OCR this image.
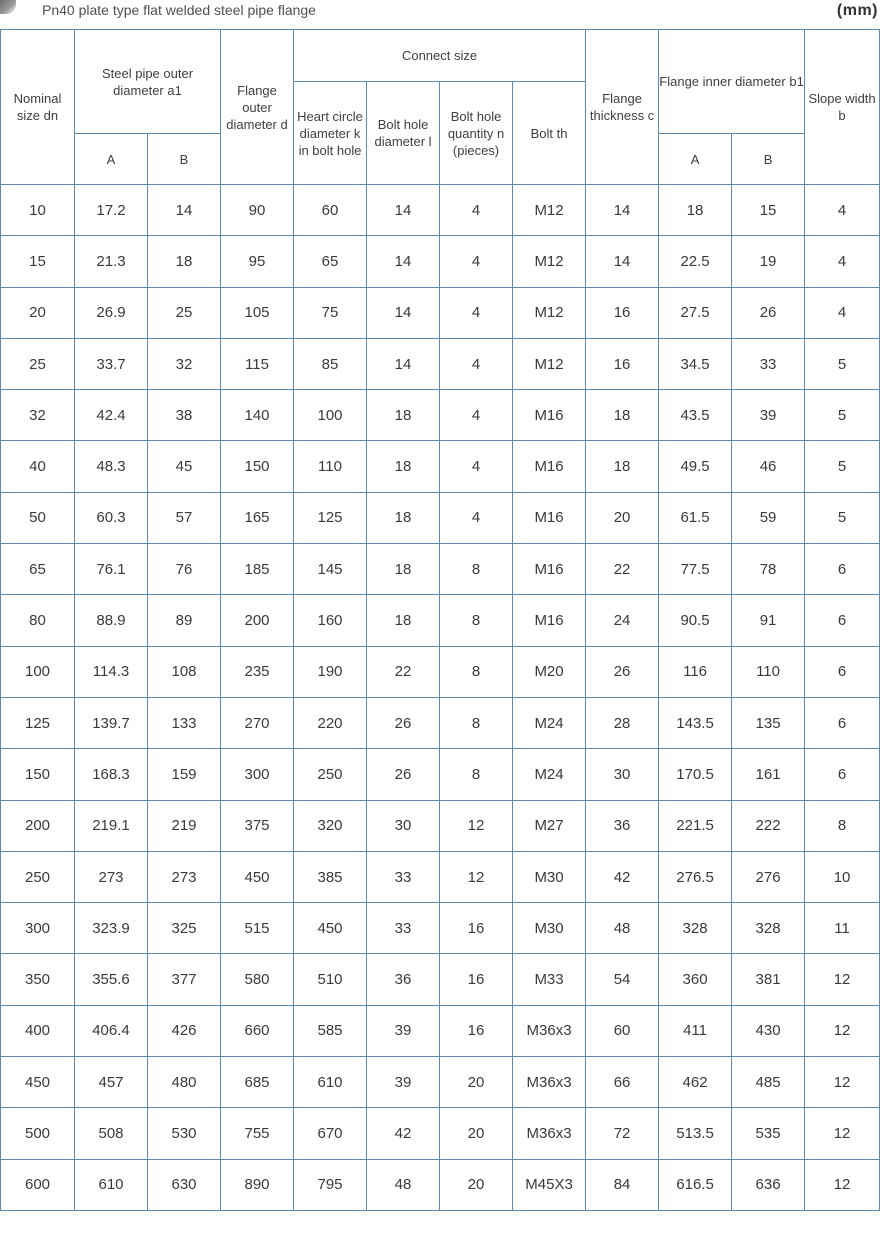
Pn40 plate type flat welded steel pipe flange	(mm)
Nominal size dn	Steel pipe outer diameter a1		Flange outer diameter d	Connect size				Flange thickness c	Flange inner diameter b1		Slope width b
				Heart circle diameter k in bolt hole	Bolt hole diameter l	Bolt hole quantity n (pieces)	Bolt th				
	A	B							A	B	
10	17.2	14	90	60	14	4	M12	14	18	15	4
15	21.3	18	95	65	14	4	M12	14	22.5	19	4
20	26.9	25	105	75	14	4	M12	16	27.5	26	4
25	33.7	32	115	85	14	4	M12	16	34.5	33	5
32	42.4	38	140	100	18	4	M16	18	43.5	39	5
40	48.3	45	150	110	18	4	M16	18	49.5	46	5
50	60.3	57	165	125	18	4	M16	20	61.5	59	5
65	76.1	76	185	145	18	8	M16	22	77.5	78	6
80	88.9	89	200	160	18	8	M16	24	90.5	91	6
100	114.3	108	235	190	22	8	M20	26	116	110	6
125	139.7	133	270	220	26	8	M24	28	143.5	135	6
150	168.3	159	300	250	26	8	M24	30	170.5	161	6
200	219.1	219	375	320	30	12	M27	36	221.5	222	8
250	273	273	450	385	33	12	M30	42	276.5	276	10
300	323.9	325	515	450	33	16	M30	48	328	328	11
350	355.6	377	580	510	36	16	M33	54	360	381	12
400	406.4	426	660	585	39	16	M36x3	60	411	430	12
450	457	480	685	610	39	20	M36x3	66	462	485	12
500	508	530	755	670	42	20	M36x3	72	513.5	535	12
600	610	630	890	795	48	20	M45X3	84	616.5	636	12
